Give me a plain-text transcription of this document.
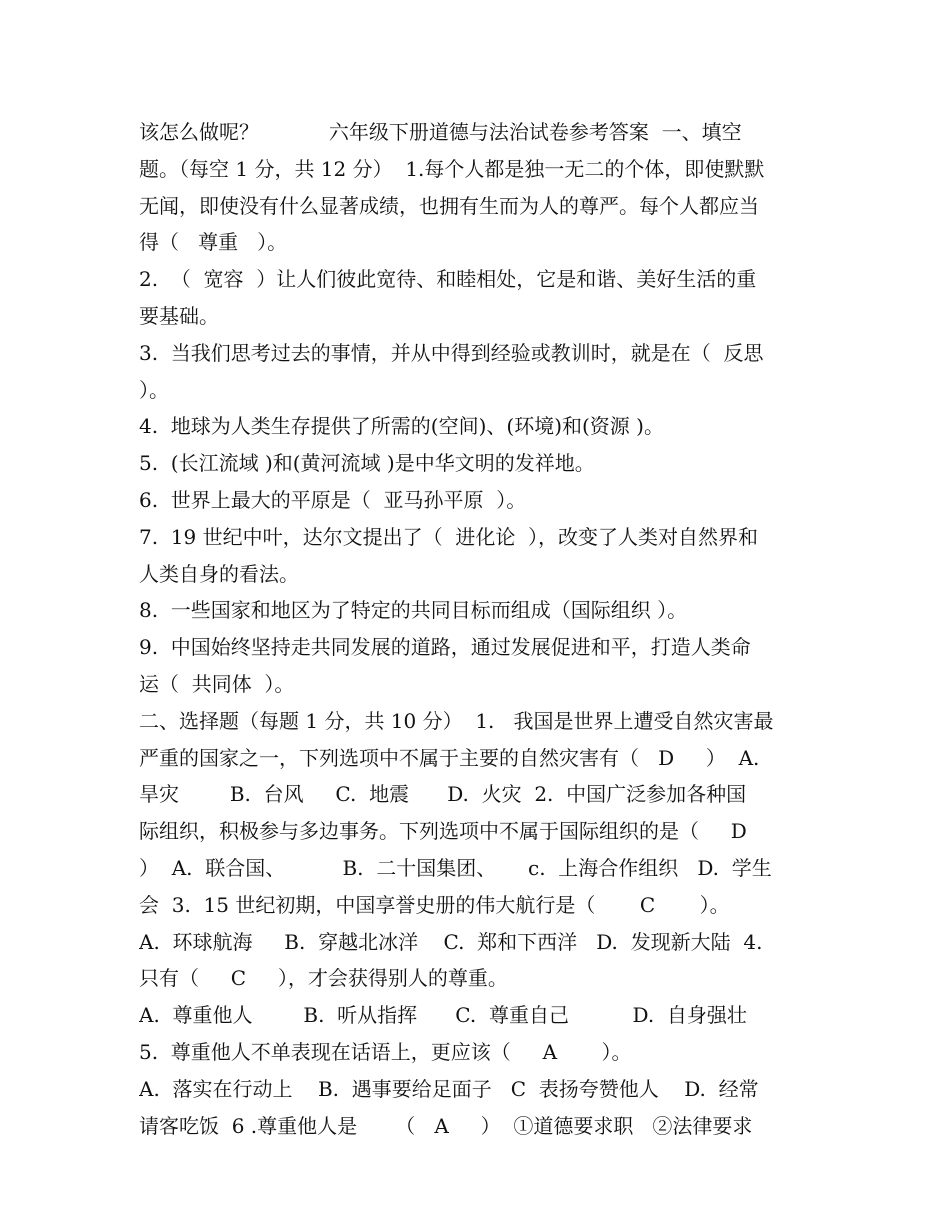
该怎么做呢？           六年级下册道德与法治试卷参考答案  一、填空
题。（每空 1 分，共 12 分）  1.每个人都是独一无二的个体，即使默默
无闻，即使没有什么显著成绩，也拥有生而为人的尊严。每个人都应当
得（   尊重   ）。
2.  （  宽容  ）让人们彼此宽待、和睦相处，它是和谐、美好生活的重
要基础。
3.  当我们思考过去的事情，并从中得到经验或教训时，就是在（  反思
）。
4.  地球为人类生存提供了所需的(空间)、(环境)和(资源 )。
5.  (长江流域 )和(黄河流域 )是中华文明的发祥地。
6.  世界上最大的平原是（  亚马孙平原  ）。
7.  19 世纪中叶，达尔文提出了（  进化论  ），改变了人类对自然界和
人类自身的看法。
8.  一些国家和地区为了特定的共同目标而组成（国际组织 ）。
9.  中国始终坚持走共同发展的道路，通过发展促进和平，打造人类命
运（  共同体  ）。
二、选择题（每题 1 分，共 10 分）  1.   我国是世界上遭受自然灾害最
严重的国家之一，下列选项中不属于主要的自然灾害有（   D     ）  A.
旱灾        B.  台风     C.  地震      D.  火灾  2.  中国广泛参加各种国
际组织，积极参与多边事务。下列选项中不属于国际组织的是（     D
）  A.  联合国、         B.  二十国集团、     c.  上海合作组织   D.  学生
会  3.  15 世纪初期，中国享誉史册的伟大航行是（       C       ）。
A.  环球航海     B.  穿越北冰洋    C.  郑和下西洋   D.  发现新大陆  4.
只有（     C     ），才会获得别人的尊重。
A.  尊重他人        B.  听从指挥      C.  尊重自己          D.  自身强壮
5.  尊重他人不单表现在话语上，更应该（     A       ）。
A.  落实在行动上    B.  遇事要给足面子   C  表扬夸赞他人    D.  经常
请客吃饭  6 .尊重他人是      （   A     ）  ①道德要求职   ②法律要求
